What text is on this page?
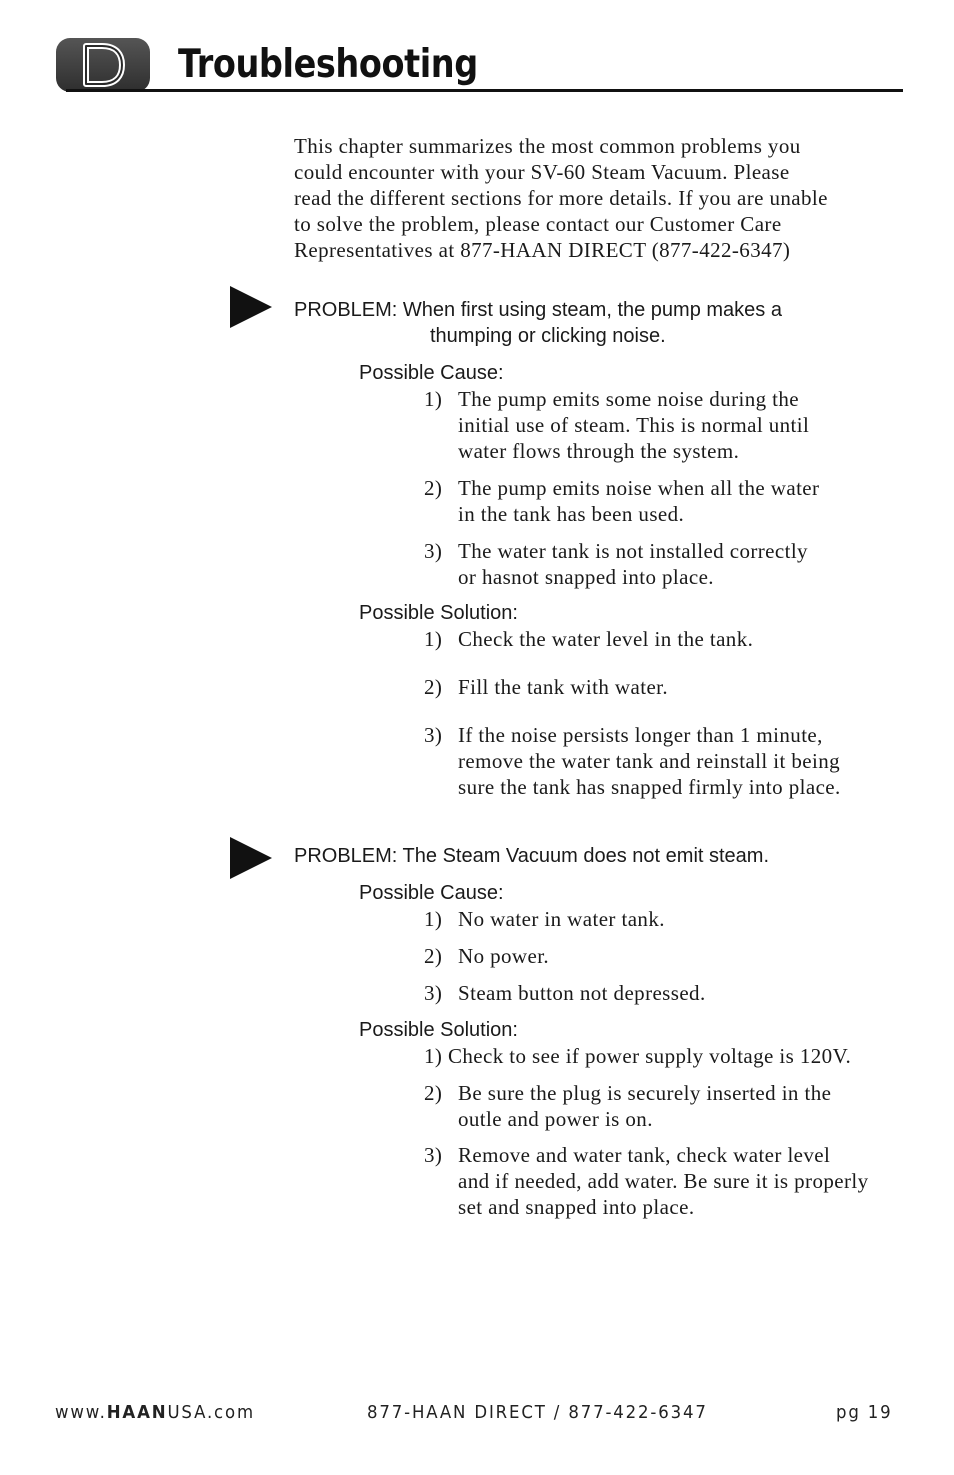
Troubleshooting

This chapter summarizes the most common problems you

could encounter with your SV-60 Steam Vacuum. Please

read the different sections for more details. If you are unable

to solve the problem, please contact our Customer Care

Representatives at 877-HAAN DIRECT (877-422-6347)

PROBLEM: When first using steam, the pump makes a
thumping or clicking noise.
Possible Cause:
1) The pump emits some noise during the
initial use of steam. This is normal until
water flows through the system.
2) The pump emits noise when all the water
in the tank has been used.
3) The water tank is not installed correctly
or hasnot snapped into place.
Possible Solution:
1) Check the water level in the tank.
2) Fill the tank with water.
3) If the noise persists longer than 1 minute,
remove the water tank and reinstall it being
sure the tank has snapped firmly into place.
PROBLEM: The Steam Vacuum does not emit steam.
Possible Cause:
1) No water in water tank.
2) No power.
3) Steam button not depressed.
Possible Solution:
1) Check to see if power supply voltage is 120V.
2) Be sure the plug is securely inserted in the
outle and power is on.
3) Remove and water tank, check water level
and if needed, add water. Be sure it is properly
set and snapped into place.
www.HAANUSA.com	877-HAAN DIRECT / 877-422-6347	pg 19
